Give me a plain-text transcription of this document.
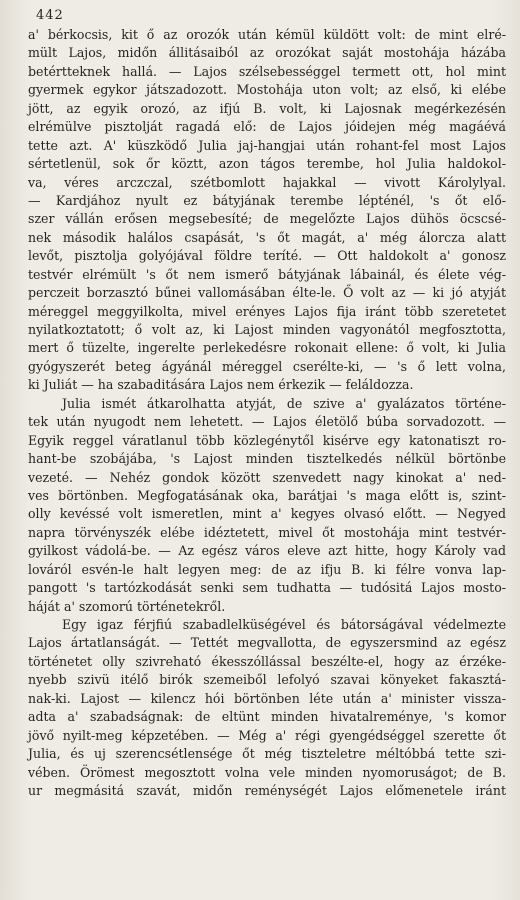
442
a' bérkocsis, kit ő az orozók után kémül küldött volt: de mint elré-
mült Lajos, midőn állitásaiból az orozókat saját mostohája házába
betértteknek hallá. — Lajos szélsebességgel termett ott, hol mint
gyermek egykor játszadozott. Mostohája uton volt; az első, ki elébe
jött, az egyik orozó, az ifjú B. volt, ki Lajosnak megérkezésén
elrémülve pisztolját ragadá elő: de Lajos jóidejen még magáévá
tette azt. A' küszködő Julia jaj-hangjai után rohant-fel most Lajos
sértetlenül, sok őr köztt, azon tágos terembe, hol Julia haldokol-
va, véres arczczal, szétbomlott hajakkal — vivott Károlylyal.
— Kardjához nyult ez bátyjának terembe lépténél, 's őt elő-
szer vállán erősen megsebesíté; de megelőzte Lajos dühös öcscsé-
nek második halálos csapását, 's őt magát, a' még álorcza alatt
levőt, pisztolja golyójával földre teríté. — Ott haldokolt a' gonosz
testvér elrémült 's őt nem ismerő bátyjának lábainál, és élete vég-
perczeit borzasztó bűnei vallomásában élte-le. Ő volt az — ki jó atyját
méreggel meggyilkolta, mivel erényes Lajos fija iránt több szeretetet
nyilatkoztatott; ő volt az, ki Lajost minden vagyonától megfosztotta,
mert ő tüzelte, ingerelte perlekedésre rokonait ellene: ő volt, ki Julia
gyógyszerét beteg ágyánál méreggel cserélte-ki, — 's ő lett volna,
ki Juliát — ha szabaditására Lajos nem érkezik — feláldozza.
Julia ismét átkarolhatta atyját, de szive a' gyalázatos történe-
tek után nyugodt nem lehetett. — Lajos életölő búba sorvadozott. —
Egyik reggel váratlanul több közlegénytől kisérve egy katonatiszt ro-
hant-be szobájába, 's Lajost minden tisztelkedés nélkül börtönbe
vezeté. — Nehéz gondok között szenvedett nagy kinokat a' ned-
ves börtönben. Megfogatásának oka, barátjai 's maga előtt is, szint-
olly kevéssé volt ismeretlen, mint a' kegyes olvasó előtt. — Negyed
napra törvényszék elébe idéztetett, mivel őt mostohája mint testvér-
gyilkost vádolá-be. — Az egész város eleve azt hitte, hogy Károly vad
lováról esvén-le halt legyen meg: de az ifju B. ki félre vonva lap-
pangott 's tartózkodását senki sem tudhatta — tudósitá Lajos mosto-
háját a' szomorú történetekről.
Egy igaz férjfiú szabadlelküségével és bátorságával védelmezte
Lajos ártatlanságát. — Tettét megvallotta, de egyszersmind az egész
történetet olly szivreható ékesszóllással beszélte-el, hogy az érzéke-
nyebb szivü itélő birók szemeiből lefolyó szavai könyeket fakasztá-
nak-ki. Lajost — kilencz hói börtönben léte után a' minister vissza-
adta a' szabadságnak: de eltünt minden hivatalreménye, 's komor
jövő nyilt-meg képzetében. — Még a' régi gyengédséggel szerette őt
Julia, és uj szerencsétlensége őt még tiszteletre méltóbbá tette szi-
vében. Örömest megosztott volna vele minden nyomoruságot; de B.
ur megmásitá szavát, midőn reménységét Lajos előmenetele iránt
